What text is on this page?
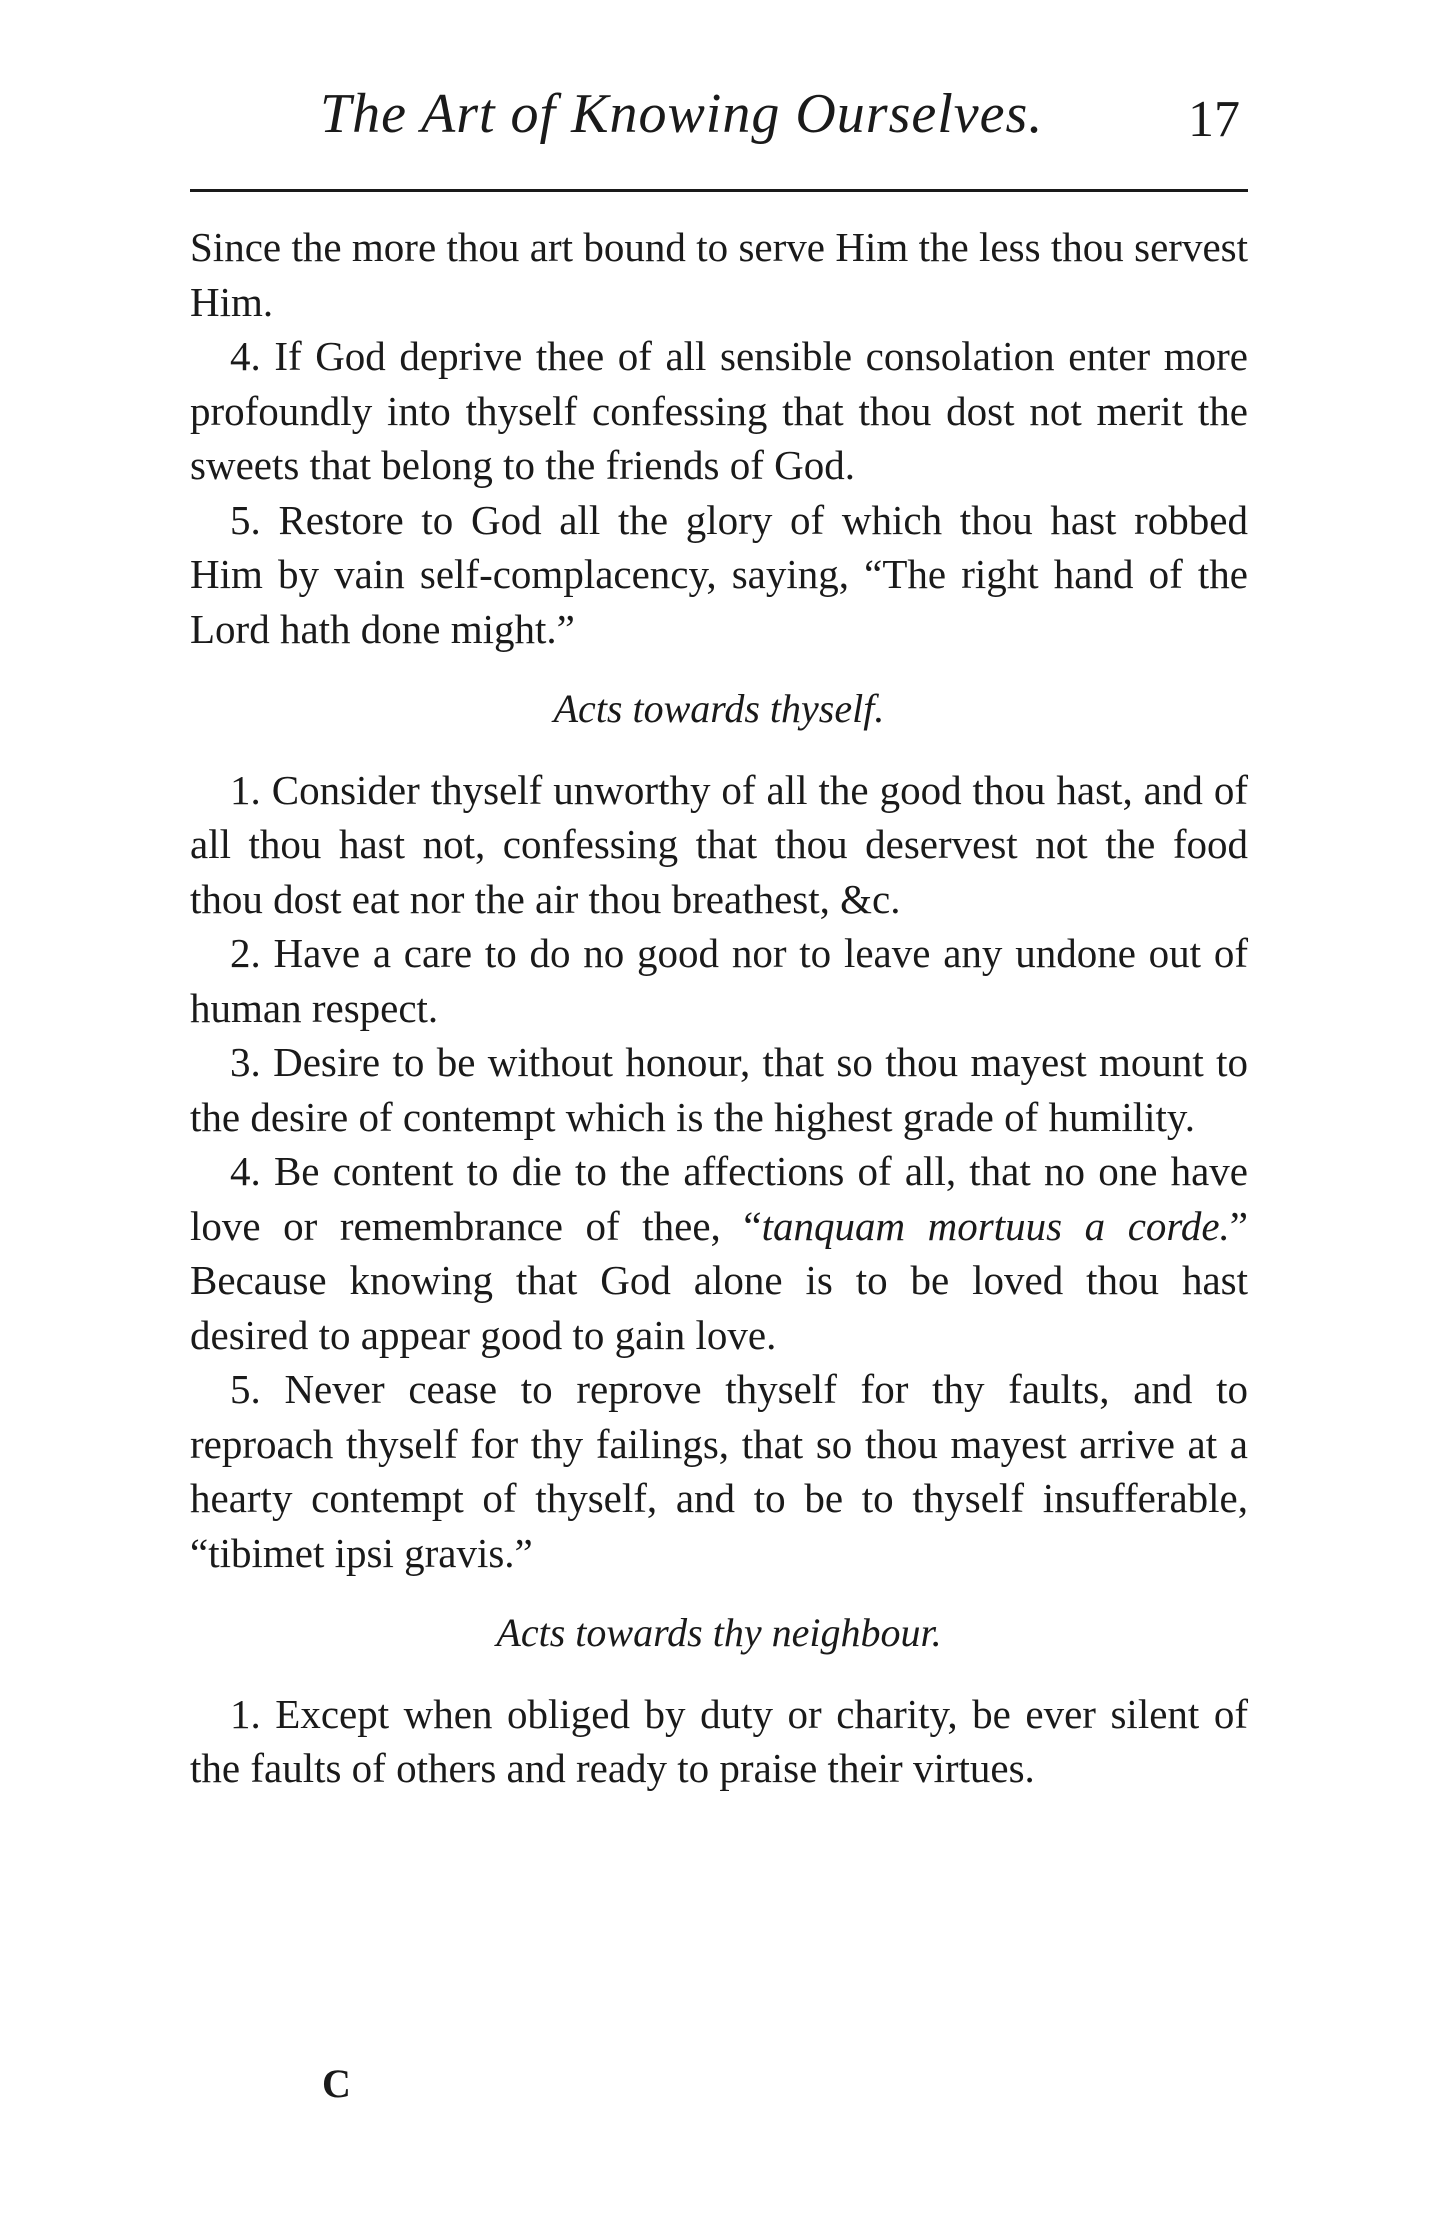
The Art of Knowing Ourselves.	17

Since the more thou art bound to serve Him the less thou servest Him.

4. If God deprive thee of all sensible consolation enter more profoundly into thyself confessing that thou dost not merit the sweets that belong to the friends of God.

5. Restore to God all the glory of which thou hast robbed Him by vain self-complacency, saying, “The right hand of the Lord hath done might.”

Acts towards thyself.

1. Consider thyself unworthy of all the good thou hast, and of all thou hast not, confessing that thou deservest not the food thou dost eat nor the air thou breathest, &c.

2. Have a care to do no good nor to leave any undone out of human respect.

3. Desire to be without honour, that so thou mayest mount to the desire of contempt which is the highest grade of humility.

4. Be content to die to the affections of all, that no one have love or remembrance of thee, “tanquam mortuus a corde.” Because knowing that God alone is to be loved thou hast desired to appear good to gain love.

5. Never cease to reprove thyself for thy faults, and to reproach thyself for thy failings, that so thou mayest arrive at a hearty contempt of thyself, and to be to thyself insufferable, “tibimet ipsi gravis.”

Acts towards thy neighbour.

1. Except when obliged by duty or charity, be ever silent of the faults of others and ready to praise their virtues.

C
